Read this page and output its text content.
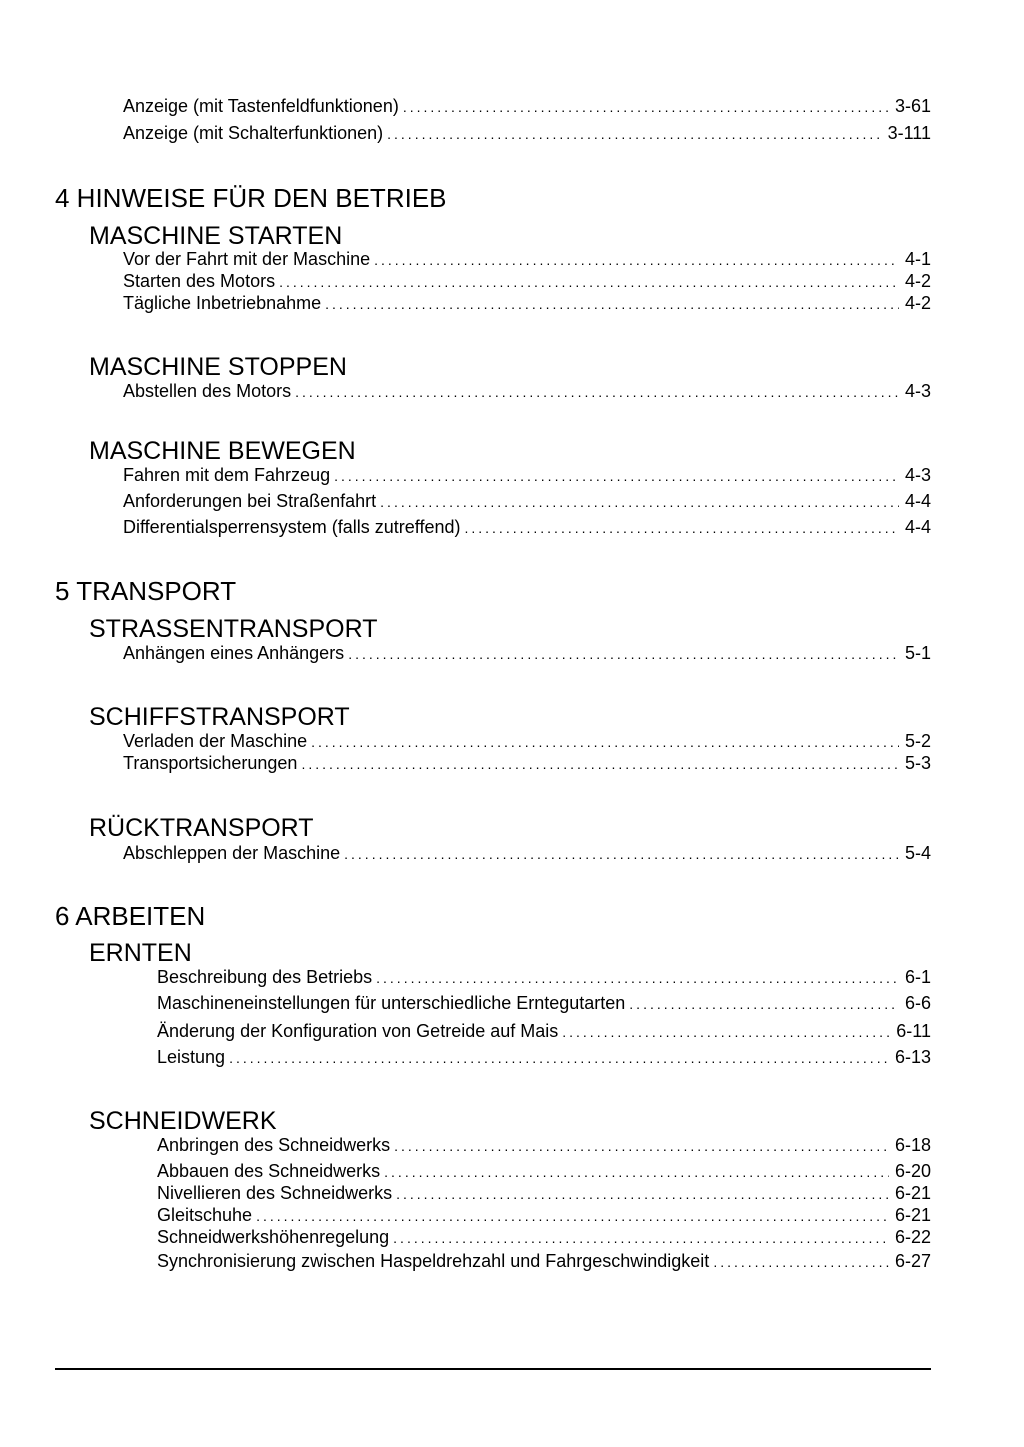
Anzeige (mit Tastenfeldfunktionen) .....	3-61
Anzeige (mit Schalterfunktionen) .....	3-111
4 HINWEISE FÜR DEN BETRIEB
MASCHINE STARTEN
Vor der Fahrt mit der Maschine .....	4-1
Starten des Motors .....	4-2
Tägliche Inbetriebnahme .....	4-2
MASCHINE STOPPEN
Abstellen des Motors .....	4-3
MASCHINE BEWEGEN
Fahren mit dem Fahrzeug .....	4-3
Anforderungen bei Straßenfahrt .....	4-4
Differentialsperrensystem (falls zutreffend) .....	4-4
5 TRANSPORT
STRASSENTRANSPORT
Anhängen eines Anhängers .....	5-1
SCHIFFSTRANSPORT
Verladen der Maschine .....	5-2
Transportsicherungen .....	5-3
RÜCKTRANSPORT
Abschleppen der Maschine .....	5-4
6 ARBEITEN
ERNTEN
Beschreibung des Betriebs .....	6-1
Maschineneinstellungen für unterschiedliche Erntegutarten .....	6-6
Änderung der Konfiguration von Getreide auf Mais .....	6-11
Leistung .....	6-13
SCHNEIDWERK
Anbringen des Schneidwerks .....	6-18
Abbauen des Schneidwerks .....	6-20
Nivellieren des Schneidwerks .....	6-21
Gleitschuhe .....	6-21
Schneidwerkshöhenregelung .....	6-22
Synchronisierung zwischen Haspeldrehzahl und Fahrgeschwindigkeit .....	6-27
